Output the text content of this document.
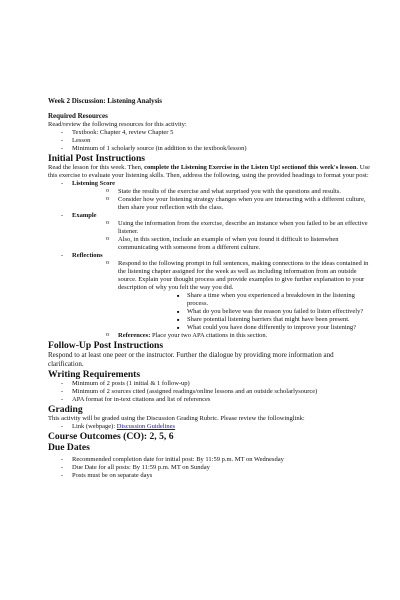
Week 2 Discussion: Listening Analysis
Required Resources

Read/review the following resources for this activity:

- Textbook: Chapter 4, review Chapter 5
- Lesson
- Minimum of 1 scholarly source (in addition to the textbook/lesson)
Initial Post Instructions

Read the lesson for this week. Then, complete the Listening Exercise in the Listen Up! sectionof this week's lesson. Use this exercise to evaluate your listening skills. Then, address the following, using the provided headings to format your post:

- Listening Score
o State the results of the exercise and what surprised you with the questions and results.
o Consider how your listening strategy changes when you are interacting with a different culture, then share your reflection with the class.
- Example
o Using the information from the exercise, describe an instance when you failed to be an effective listener.
o Also, in this section, include an example of when you found it difficult to listenwhen communicating with someone from a different culture.
- Reflections
o Respond to the following prompt in full sentences, making connections to the ideas contained in the listening chapter assigned for the week as well as including information from an outside source. Explain your thought process and provide examples to give further explanation to your description of why you felt the way you did.
■ Share a time when you experienced a breakdown in the listening process.
■ What do you believe was the reason you failed to listen effectively?
■ Share potential listening barriers that might have been present.
■ What could you have done differently to improve your listening?
o References: Place your two APA citations in this section.
Follow-Up Post Instructions

Respond to at least one peer or the instructor. Further the dialogue by providing more information and clarification.

Writing Requirements
- Minimum of 2 posts (1 initial & 1 follow-up)
- Minimum of 2 sources cited (assigned readings/online lessons and an outside scholarlysource)
- APA format for in-text citations and list of references
Grading

This activity will be graded using the Discussion Grading Rubric. Please review the followinglink:

- Link (webpage): Discussion Guidelines
Course Outcomes (CO): 2, 5, 6
Due Dates
- Recommended completion date for initial post: By 11:59 p.m. MT on Wednesday
- Due Date for all posts: By 11:59 p.m. MT on Sunday
- Posts must be on separate days
